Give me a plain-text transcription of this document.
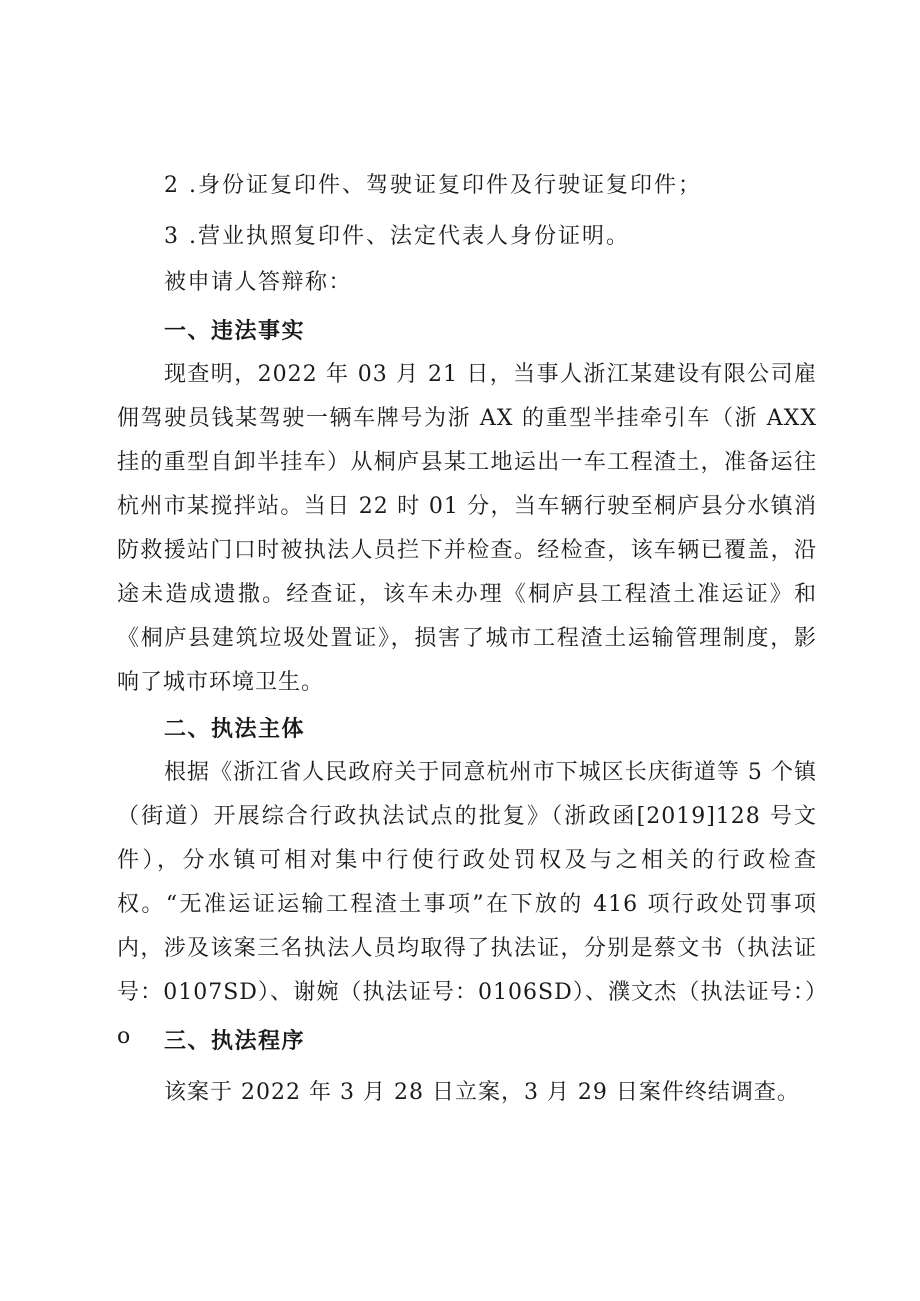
2 .身份证复印件、驾驶证复印件及行驶证复印件；
3 .营业执照复印件、法定代表人身份证明。
被申请人答辩称：
一、违法事实
现查明，2022 年 03 月 21 日，当事人浙江某建设有限公司雇佣驾驶员钱某驾驶一辆车牌号为浙 AX 的重型半挂牵引车（浙 AXX 挂的重型自卸半挂车）从桐庐县某工地运出一车工程渣土，准备运往杭州市某搅拌站。当日 22 时 01 分，当车辆行驶至桐庐县分水镇消防救援站门口时被执法人员拦下并检查。经检查，该车辆已覆盖，沿途未造成遗撒。经查证，该车未办理《桐庐县工程渣土准运证》和《桐庐县建筑垃圾处置证》，损害了城市工程渣土运输管理制度，影响了城市环境卫生。
二、执法主体
根据《浙江省人民政府关于同意杭州市下城区长庆街道等 5 个镇（街道）开展综合行政执法试点的批复》（浙政函[2019]128 号文件），分水镇可相对集中行使行政处罚权及与之相关的行政检查权。“无准运证运输工程渣土事项”在下放的 416 项行政处罚事项内，涉及该案三名执法人员均取得了执法证，分别是蔡文书（执法证号：0107SD）、谢婉（执法证号：0106SD）、濮文杰（执法证号：）o	三、执法程序
该案于 2022 年 3 月 28 日立案，3 月 29 日案件终结调查。
